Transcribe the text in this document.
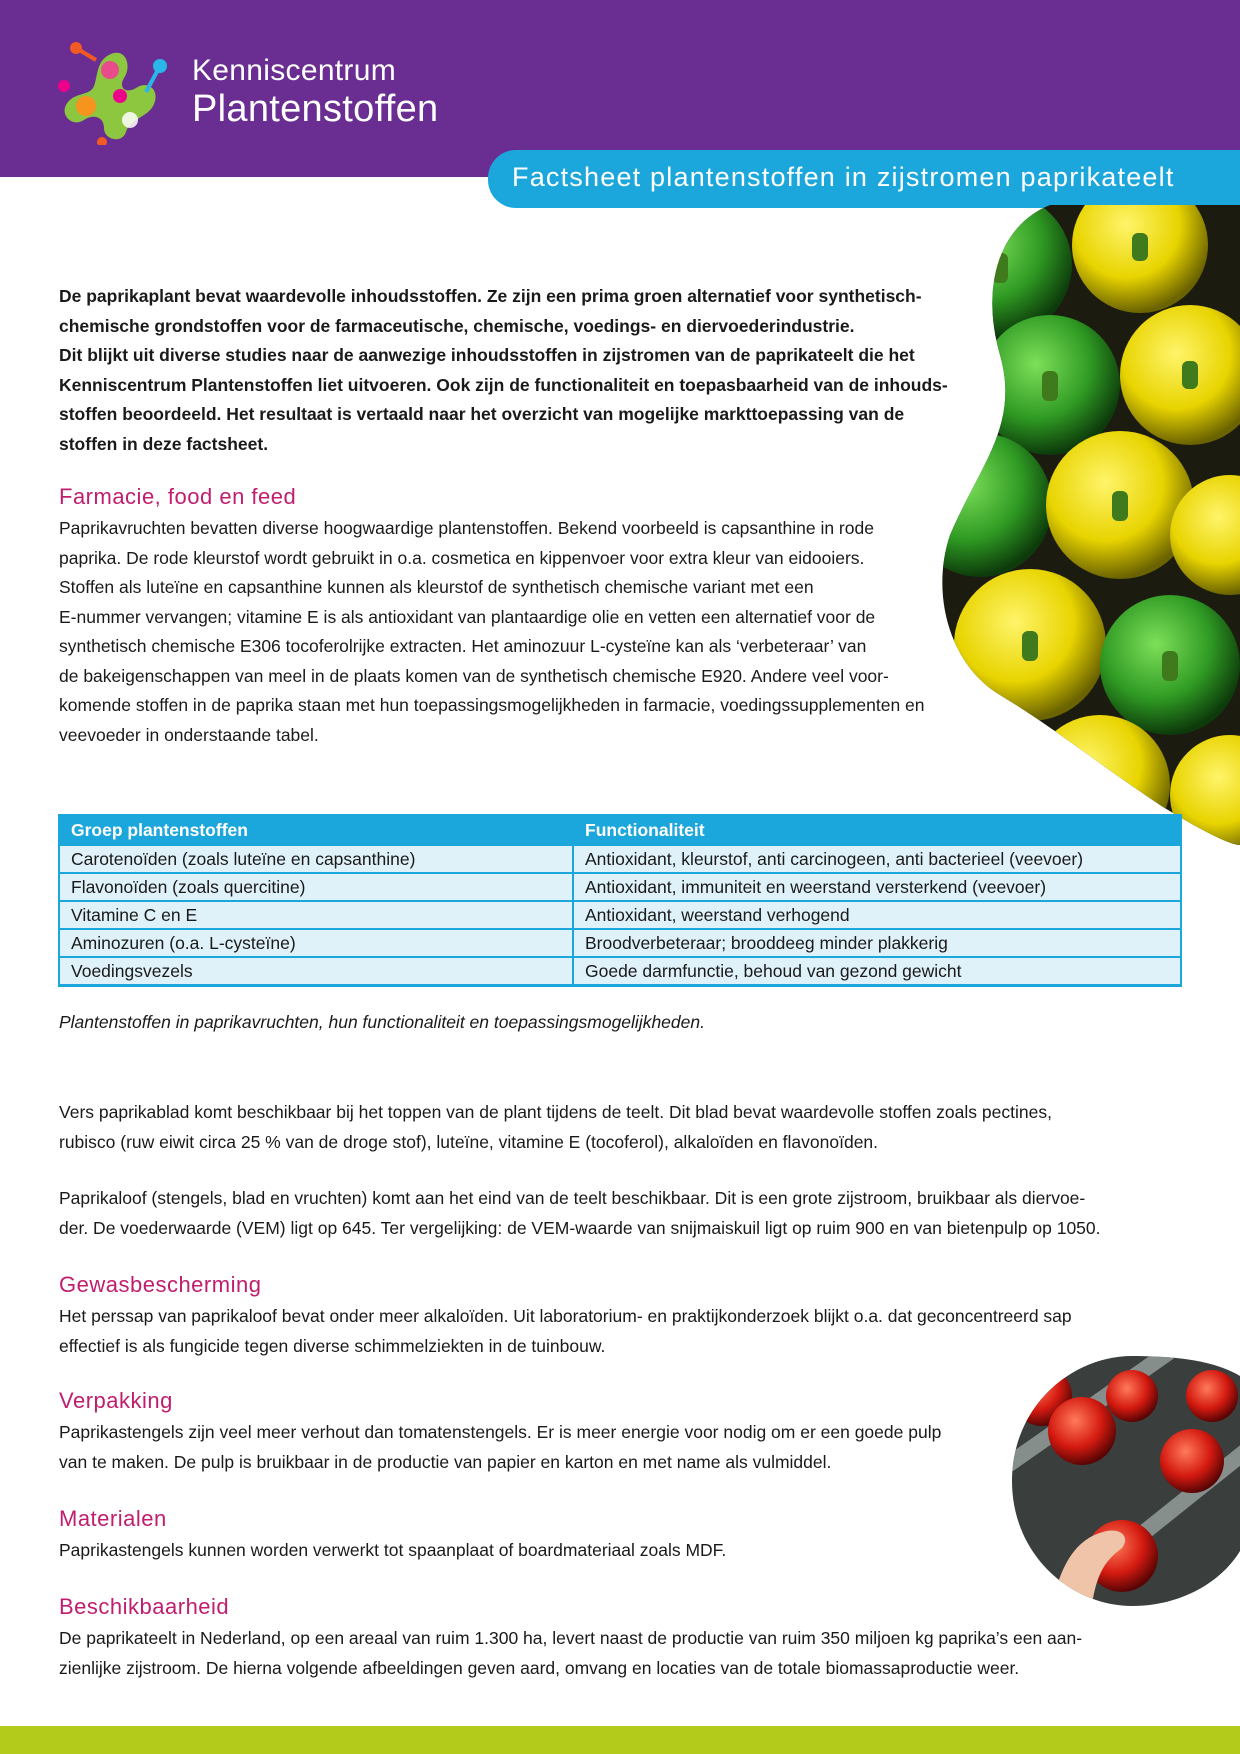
Kenniscentrum
Plantenstoffen
Factsheet plantenstoffen in zijstromen paprikateelt
De paprikaplant bevat waardevolle inhoudsstoffen. Ze zijn een prima groen alternatief voor synthetisch-
chemische grondstoffen voor de farmaceutische, chemische, voedings- en diervoederindustrie.
Dit blijkt uit diverse studies naar de aanwezige inhoudsstoffen in zijstromen van de paprikateelt die het
Kenniscentrum Plantenstoffen liet uitvoeren. Ook zijn de functionaliteit en toepasbaarheid van de inhouds-
stoffen beoordeeld. Het resultaat is vertaald naar het overzicht van mogelijke markttoepassing van de
stoffen in deze factsheet.
Farmacie, food en feed
Paprikavruchten bevatten diverse hoogwaardige plantenstoffen. Bekend voorbeeld is capsanthine in rode
paprika. De rode kleurstof wordt gebruikt in o.a. cosmetica en kippenvoer voor extra kleur van eidooiers.
Stoffen als luteïne en capsanthine kunnen als kleurstof de synthetisch chemische variant met een
E-nummer vervangen; vitamine E is als antioxidant van plantaardige olie en vetten een alternatief voor de
synthetisch chemische E306 tocoferolrijke extracten. Het aminozuur L-cysteïne kan als ‘verbeteraar’ van
de bakeigenschappen van meel in de plaats komen van de synthetisch chemische E920. Andere veel voor-
komende stoffen in de paprika staan met hun toepassingsmogelijkheden in farmacie, voedingssupplementen en
veevoeder in onderstaande tabel.
Groep plantenstoffen	Functionaliteit
Carotenoïden (zoals luteïne en capsanthine)	Antioxidant, kleurstof, anti carcinogeen, anti bacterieel (veevoer)
Flavonoïden (zoals quercitine)	Antioxidant, immuniteit en weerstand versterkend (veevoer)
Vitamine C en E	Antioxidant, weerstand verhogend
Aminozuren (o.a. L-cysteïne)	Broodverbeteraar; brooddeeg minder plakkerig
Voedingsvezels	Goede darmfunctie, behoud van gezond gewicht
Plantenstoffen in paprikavruchten, hun functionaliteit en toepassingsmogelijkheden.
Vers paprikablad komt beschikbaar bij het toppen van de plant tijdens de teelt. Dit blad bevat waardevolle stoffen zoals pectines,
rubisco (ruw eiwit circa 25 % van de droge stof), luteïne, vitamine E (tocoferol), alkaloïden en flavonoïden.
Paprikaloof (stengels, blad en vruchten) komt aan het eind van de teelt beschikbaar. Dit is een grote zijstroom, bruikbaar als diervoe-
der. De voederwaarde (VEM) ligt op 645. Ter vergelijking: de VEM-waarde van snijmaiskuil ligt op ruim 900 en van bietenpulp op 1050.
Gewasbescherming
Het perssap van paprikaloof bevat onder meer alkaloïden. Uit laboratorium- en praktijkonderzoek blijkt o.a. dat geconcentreerd sap
effectief is als fungicide tegen diverse schimmelziekten in de tuinbouw.
Verpakking
Paprikastengels zijn veel meer verhout dan tomatenstengels. Er is meer energie voor nodig om er een goede pulp
van te maken. De pulp is bruikbaar in de productie van papier en karton en met name als vulmiddel.
Materialen
Paprikastengels kunnen worden verwerkt tot spaanplaat of boardmateriaal zoals MDF.
Beschikbaarheid
De paprikateelt in Nederland, op een areaal van ruim 1.300 ha, levert naast de productie van ruim 350 miljoen kg paprika’s een aan-
zienlijke zijstroom. De hierna volgende afbeeldingen geven aard, omvang en locaties van de totale biomassaproductie weer.
